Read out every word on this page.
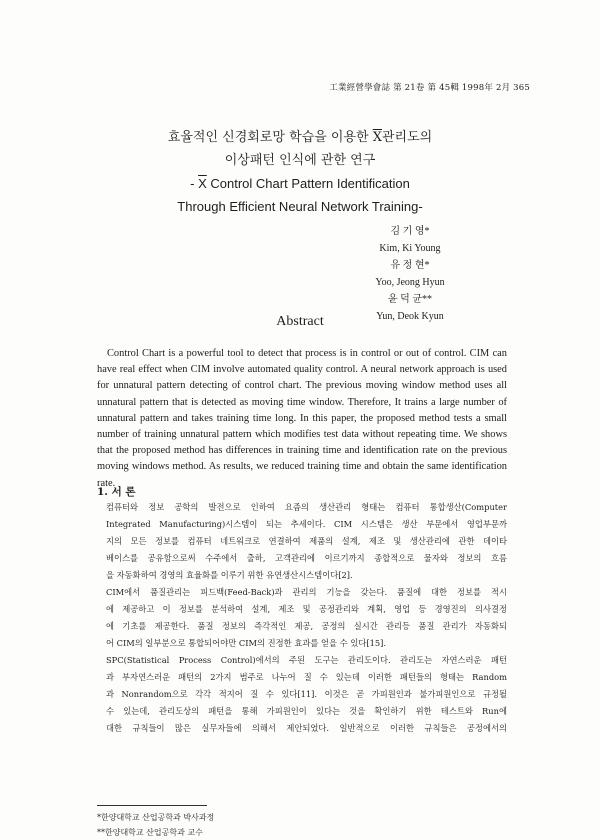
工業經營學會誌 第 21卷 第 45輯 1998年 2月 365
효율적인 신경회로망 학습을 이용한 $\overline{X}$관리도의
이상패턴 인식에 관한 연구
- $\overline{X}$ Control Chart Pattern Identification
Through Efficient Neural Network Training-
김 기 영*
Kim, Ki Young
유 정 현*
Yoo, Jeong Hyun
윤 덕 균**
Yun, Deok Kyun
Abstract
Control Chart is a powerful tool to detect that process is in control or out of control. CIM can have real effect when CIM involve automated quality control. A neural network approach is used for unnatural pattern detecting of control chart. The previous moving window method uses all unnatural pattern that is detected as moving time window. Therefore, It trains a large number of unnatural pattern and takes training time long. In this paper, the proposed method tests a small number of training unnatural pattern which modifies test data without repeating time. We shows that the proposed method has differences in training time and identification rate on the previous moving windows method. As results, we reduced training time and obtain the same identification rate.
1. 서 론
컴퓨터와 정보 공학의 발전으로 인하여 요즘의 생산관리 형태는 컴퓨터 통합생산(Computer
Integrated Manufacturing)시스템이 되는 추세이다. CIM 시스템은 생산 부문에서 영업부문까
지의 모든 정보를 컴퓨터 네트워크로 연결하여 제품의 설계, 제조 및 생산관리에 관한 데이타
베이스를 공유함으로써 수주에서 출하, 고객관리에 이르기까지 종합적으로 물자와 정보의 흐름
을 자동화하여 경영의 효율화를 이루기 위한 유연생산시스템이다[2].
CIM에서 품질관리는 피드백(Feed-Back)과 관리의 기능을 갖는다. 품질에 대한 정보를 적시
에 제공하고 이 정보를 분석하여 설계, 제조 및 공정관리와 계획, 영업 등 경영진의 의사결정
에 기초를 제공한다. 품질 정보의 즉각적인 제공, 공정의 실시간 관리등 품질 관리가 자동화되
어 CIM의 일부분으로 통합되어야만 CIM의 진정한 효과를 얻을 수 있다[15].
SPC(Statistical Process Control)에서의 주된 도구는 관리도이다. 관리도는 자연스러운 패턴
과 부자연스러운 패턴의 2가지 범주로 나누어 질 수 있는데 이러한 패턴들의 형태는 Random
과 Nonrandom으로 각각 적지어 질 수 있다[11]. 이것은 곧 가피원인과 불가피원인으로 규정될
수 있는데, 관리도상의 패턴을 통해 가피원인이 있다는 것을 확인하기 위한 테스트와 Run에
대한 규칙들이 많은 실무자들에 의해서 제안되었다. 일반적으로 이러한 규칙들은 공정에서의
*한양대학교 산업공학과 박사과정
**한양대학교 산업공학과 교수
